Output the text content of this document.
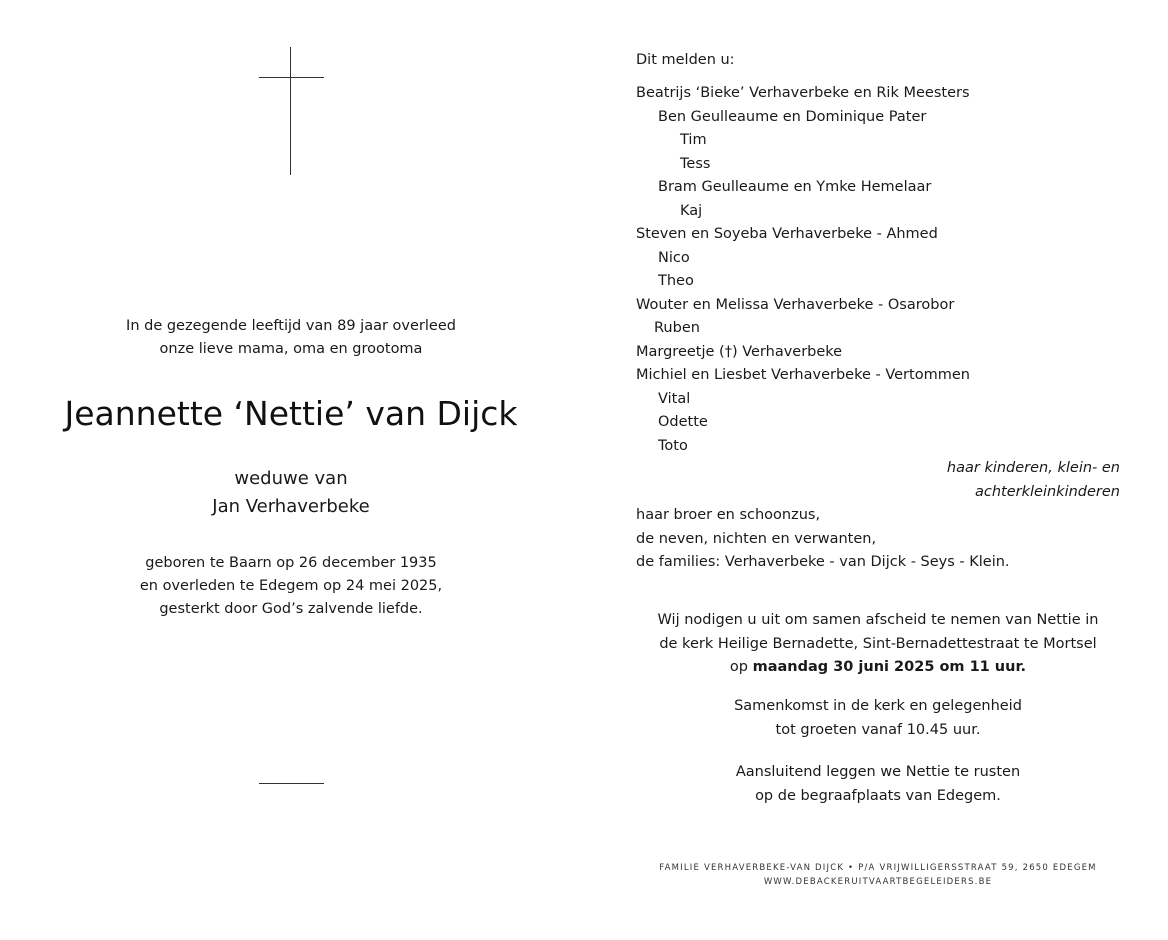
In de gezegende leeftijd van 89 jaar overleed
onze lieve mama, oma en grootoma
Jeannette ‘Nettie’ van Dijck
weduwe van
Jan Verhaverbeke
geboren te Baarn op 26 december 1935
en overleden te Edegem op 24 mei 2025,
gesterkt door God’s zalvende liefde.
Dit melden u:
Beatrijs ‘Bieke’ Verhaverbeke en Rik Meesters
Ben Geulleaume en Dominique Pater
Tim
Tess
Bram Geulleaume en Ymke Hemelaar
Kaj
Steven en Soyeba Verhaverbeke - Ahmed
Nico
Theo
Wouter en Melissa Verhaverbeke - Osarobor
Ruben
Margreetje (†) Verhaverbeke
Michiel en Liesbet Verhaverbeke - Vertommen
Vital
Odette
Toto
haar kinderen, klein- en
achterkleinkinderen
haar broer en schoonzus,
de neven, nichten en verwanten,
de families: Verhaverbeke - van Dijck - Seys - Klein.
Wij nodigen u uit om samen afscheid te nemen van Nettie in
de kerk Heilige Bernadette, Sint-Bernadettestraat te Mortsel
op maandag 30 juni 2025 om 11 uur.
Samenkomst in de kerk en gelegenheid
tot groeten vanaf 10.45 uur.
Aansluitend leggen we Nettie te rusten
op de begraafplaats van Edegem.
FAMILIE VERHAVERBEKE-VAN DIJCK • P/A VRIJWILLIGERSSTRAAT 59, 2650 EDEGEM
WWW.DEBACKERUITVAARTBEGELEIDERS.BE
